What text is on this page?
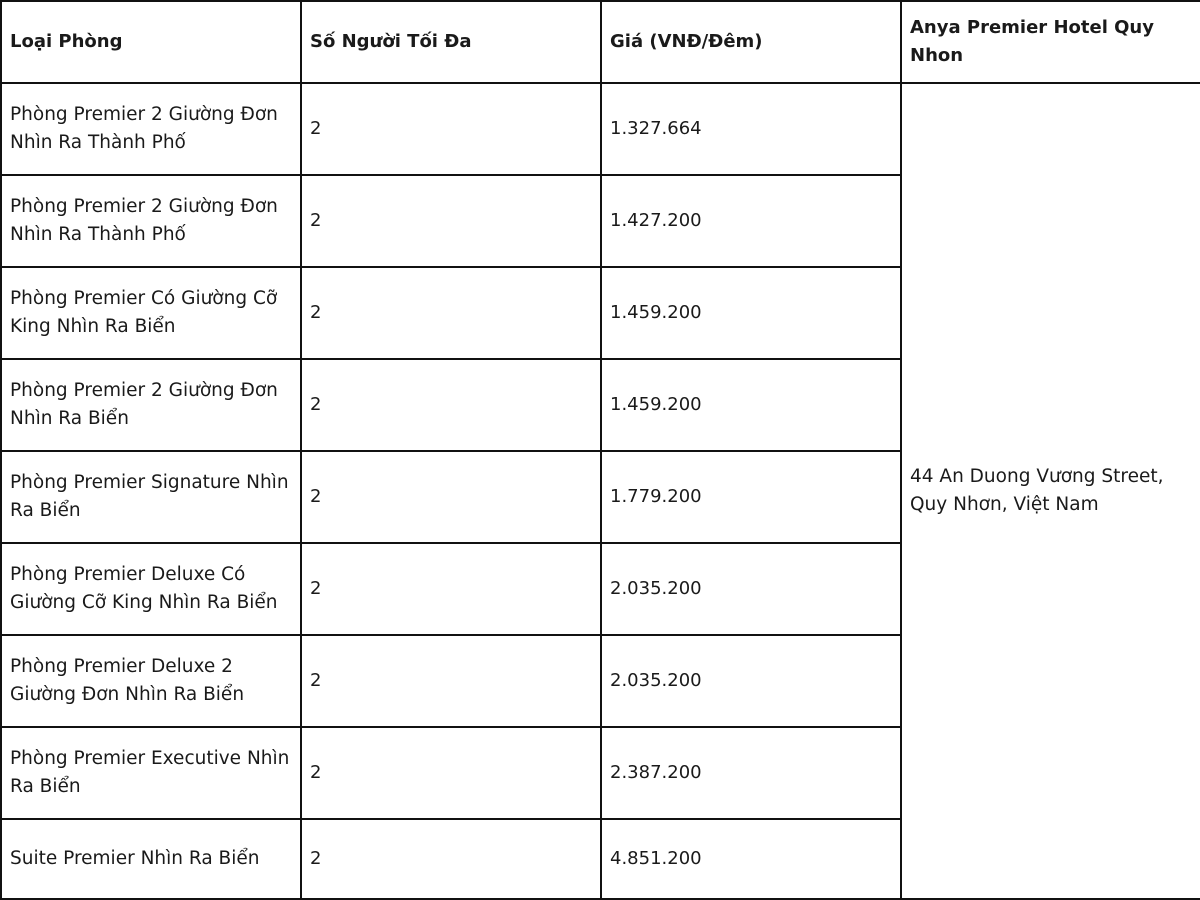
Loại Phòng	Số Người Tối Đa	Giá (VNĐ/Đêm)	Anya Premier Hotel Quy Nhon
Phòng Premier 2 Giường Đơn Nhìn Ra Thành Phố	2	1.327.664	44 An Duong Vương Street, Quy Nhơn, Việt Nam
Phòng Premier 2 Giường Đơn Nhìn Ra Thành Phố	2	1.427.200	
Phòng Premier Có Giường Cỡ King Nhìn Ra Biển	2	1.459.200	
Phòng Premier 2 Giường Đơn Nhìn Ra Biển	2	1.459.200	
Phòng Premier Signature Nhìn Ra Biển	2	1.779.200	
Phòng Premier Deluxe Có Giường Cỡ King Nhìn Ra Biển	2	2.035.200	
Phòng Premier Deluxe 2 Giường Đơn Nhìn Ra Biển	2	2.035.200	
Phòng Premier Executive Nhìn Ra Biển	2	2.387.200	
Suite Premier Nhìn Ra Biển	2	4.851.200	
